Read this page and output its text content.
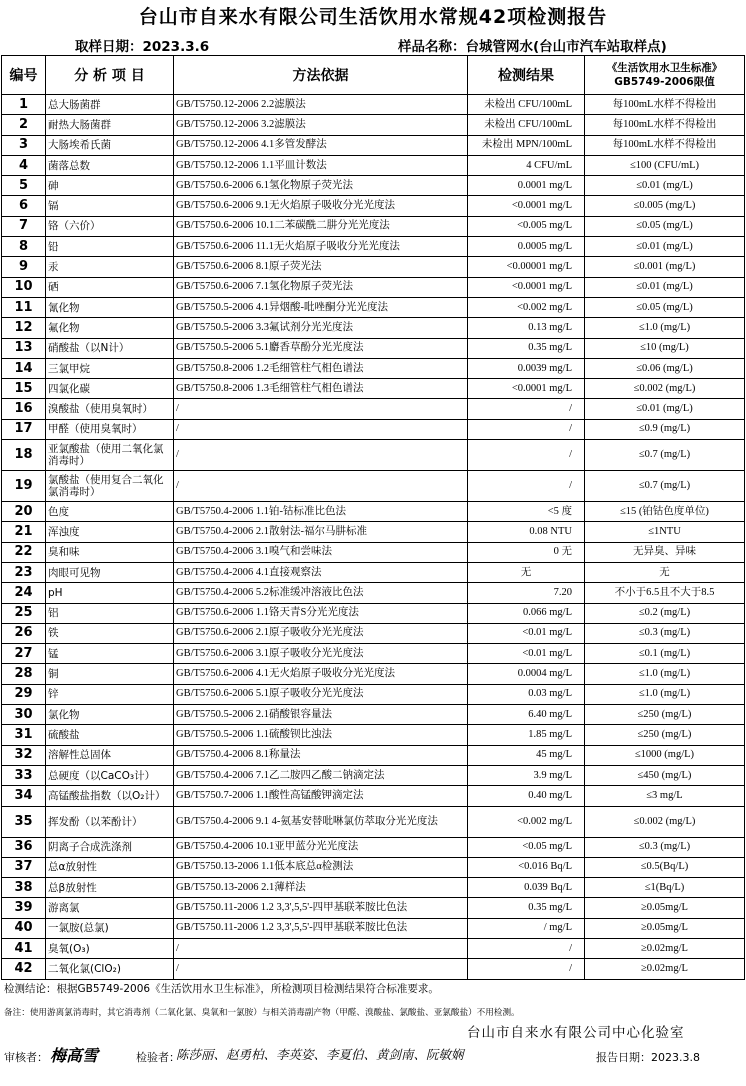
台山市自来水有限公司生活饮用水常规42项检测报告
取样日期：2023.3.6	样品名称：台城管网水(台山市汽车站取样点)
编号	分 析 项 目	方法依据	检测结果	《生活饮用水卫生标准》
GB5749-2006限值

1	总大肠菌群	GB/T5750.12-2006 2.2滤膜法	未检出 CFU/100mL	每100mL水样不得检出
2	耐热大肠菌群	GB/T5750.12-2006 3.2滤膜法	未检出 CFU/100mL	每100mL水样不得检出
3	大肠埃希氏菌	GB/T5750.12-2006 4.1多管发酵法	未检出 MPN/100mL	每100mL水样不得检出
4	菌落总数	GB/T5750.12-2006 1.1平皿计数法	4 CFU/mL	≤100 (CFU/mL)
5	砷	GB/T5750.6-2006 6.1氢化物原子荧光法	0.0001 mg/L	≤0.01 (mg/L)
6	镉	GB/T5750.6-2006 9.1无火焰原子吸收分光光度法	<0.0001 mg/L	≤0.005 (mg/L)
7	铬（六价）	GB/T5750.6-2006 10.1二苯碳酰二肼分光光度法	<0.005 mg/L	≤0.05 (mg/L)
8	铅	GB/T5750.6-2006 11.1无火焰原子吸收分光光度法	0.0005 mg/L	≤0.01 (mg/L)
9	汞	GB/T5750.6-2006 8.1原子荧光法	<0.00001 mg/L	≤0.001 (mg/L)
10	硒	GB/T5750.6-2006 7.1氢化物原子荧光法	<0.0001 mg/L	≤0.01 (mg/L)
11	氰化物	GB/T5750.5-2006 4.1异烟酸-吡唑酮分光光度法	<0.002 mg/L	≤0.05 (mg/L)
12	氟化物	GB/T5750.5-2006 3.3氟试剂分光光度法	0.13 mg/L	≤1.0 (mg/L)
13	硝酸盐（以N计）	GB/T5750.5-2006 5.1麝香草酚分光光度法	0.35 mg/L	≤10 (mg/L)
14	三氯甲烷	GB/T5750.8-2006 1.2毛细管柱气相色谱法	0.0039 mg/L	≤0.06 (mg/L)
15	四氯化碳	GB/T5750.8-2006 1.3毛细管柱气相色谱法	<0.0001 mg/L	≤0.002 (mg/L)
16	溴酸盐（使用臭氧时）	/	/	≤0.01 (mg/L)
17	甲醛（使用臭氧时）	/	/	≤0.9 (mg/L)
18	亚氯酸盐（使用二氧化氯消毒时）	/	/	≤0.7 (mg/L)
19	氯酸盐（使用复合二氧化氯消毒时）	/	/	≤0.7 (mg/L)
20	色度	GB/T5750.4-2006 1.1铂-钴标准比色法	<5 度	≤15 (铂钴色度单位)
21	浑浊度	GB/T5750.4-2006 2.1散射法-福尔马肼标准	0.08 NTU	≤1NTU
22	臭和味	GB/T5750.4-2006 3.1嗅气和尝味法	0 无	无异臭、异味
23	肉眼可见物	GB/T5750.4-2006 4.1直接观察法	无	无
24	pH	GB/T5750.4-2006 5.2标准缓冲溶液比色法	7.20	不小于6.5且不大于8.5
25	铝	GB/T5750.6-2006 1.1铬天青S分光光度法	0.066 mg/L	≤0.2 (mg/L)
26	铁	GB/T5750.6-2006 2.1原子吸收分光光度法	<0.01 mg/L	≤0.3 (mg/L)
27	锰	GB/T5750.6-2006 3.1原子吸收分光光度法	<0.01 mg/L	≤0.1 (mg/L)
28	铜	GB/T5750.6-2006 4.1无火焰原子吸收分光光度法	0.0004 mg/L	≤1.0 (mg/L)
29	锌	GB/T5750.6-2006 5.1原子吸收分光光度法	0.03 mg/L	≤1.0 (mg/L)
30	氯化物	GB/T5750.5-2006 2.1硝酸银容量法	6.40 mg/L	≤250 (mg/L)
31	硫酸盐	GB/T5750.5-2006 1.1硫酸钡比浊法	1.85 mg/L	≤250 (mg/L)
32	溶解性总固体	GB/T5750.4-2006 8.1称量法	45 mg/L	≤1000 (mg/L)
33	总硬度（以CaCO₃计）	GB/T5750.4-2006 7.1乙二胺四乙酸二钠滴定法	3.9 mg/L	≤450 (mg/L)
34	高锰酸盐指数（以O₂计）	GB/T5750.7-2006 1.1酸性高锰酸钾滴定法	0.40 mg/L	≤3 mg/L
35	挥发酚（以苯酚计）	GB/T5750.4-2006 9.1 4-氨基安替吡啉氯仿萃取分光光度法	<0.002 mg/L	≤0.002 (mg/L)
36	阴离子合成洗涤剂	GB/T5750.4-2006 10.1亚甲蓝分光光度法	<0.05 mg/L	≤0.3 (mg/L)
37	总α放射性	GB/T5750.13-2006 1.1低本底总α检测法	<0.016 Bq/L	≤0.5(Bq/L)
38	总β放射性	GB/T5750.13-2006 2.1薄样法	0.039 Bq/L	≤1(Bq/L)
39	游离氯	GB/T5750.11-2006 1.2 3,3',5,5'-四甲基联苯胺比色法	0.35 mg/L	≥0.05mg/L
40	一氯胺(总氯)	GB/T5750.11-2006 1.2 3,3',5,5'-四甲基联苯胺比色法	/ mg/L	≥0.05mg/L
41	臭氧(O₃)	/	/	≥0.02mg/L
42	二氧化氯(ClO₂)	/	/	≥0.02mg/L
检测结论：根据GB5749-2006《生活饮用水卫生标准》，所检测项目检测结果符合标准要求。
备注：使用游离氯消毒时，其它消毒剂（二氧化氯、臭氧和一氯胺）与相关消毒副产物（甲醛、溴酸盐、氯酸盐、亚氯酸盐）不用检测。
台山市自来水有限公司中心化验室
审核者： 梅高雪	检验者：
陈莎丽、赵勇柏、李英姿、李夏伯、黄剑南、阮敏娴	报告日期：2023.3.8
